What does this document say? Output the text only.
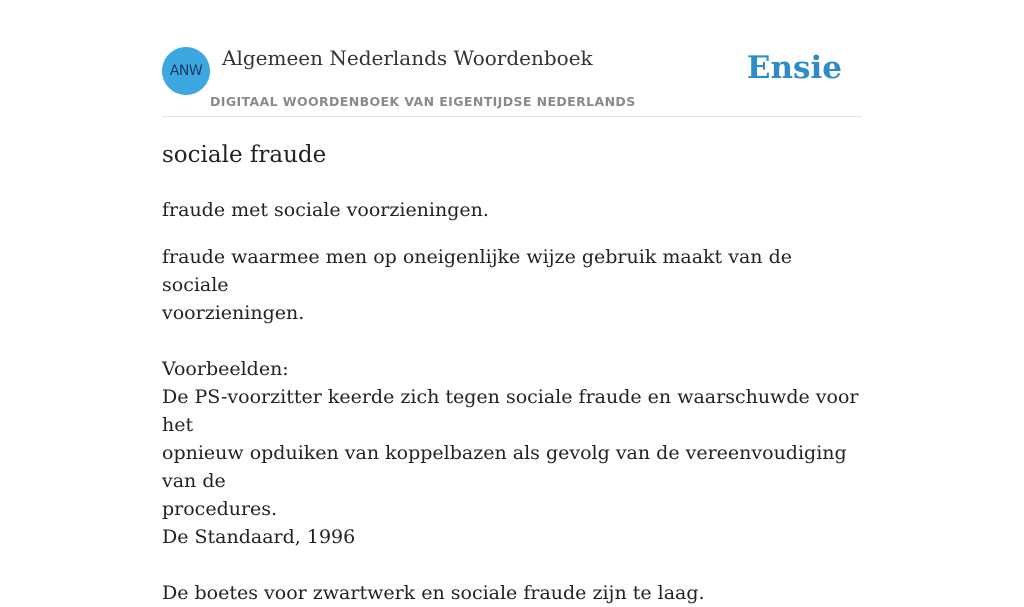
ANW
Algemeen Nederlands Woordenboek
DIGITAAL WOORDENBOEK VAN EIGENTIJDSE NEDERLANDS
Ensie
sociale fraude

fraude met sociale voorzieningen.

fraude waarmee men op oneigenlijke wijze gebruik maakt van de sociale
voorzieningen.
Voorbeelden:
De PS-voorzitter keerde zich tegen sociale fraude en waarschuwde voor het
opnieuw opduiken van koppelbazen als gevolg van de vereenvoudiging van de
procedures.
De Standaard, 1996
De boetes voor zwartwerk en sociale fraude zijn te laag.
